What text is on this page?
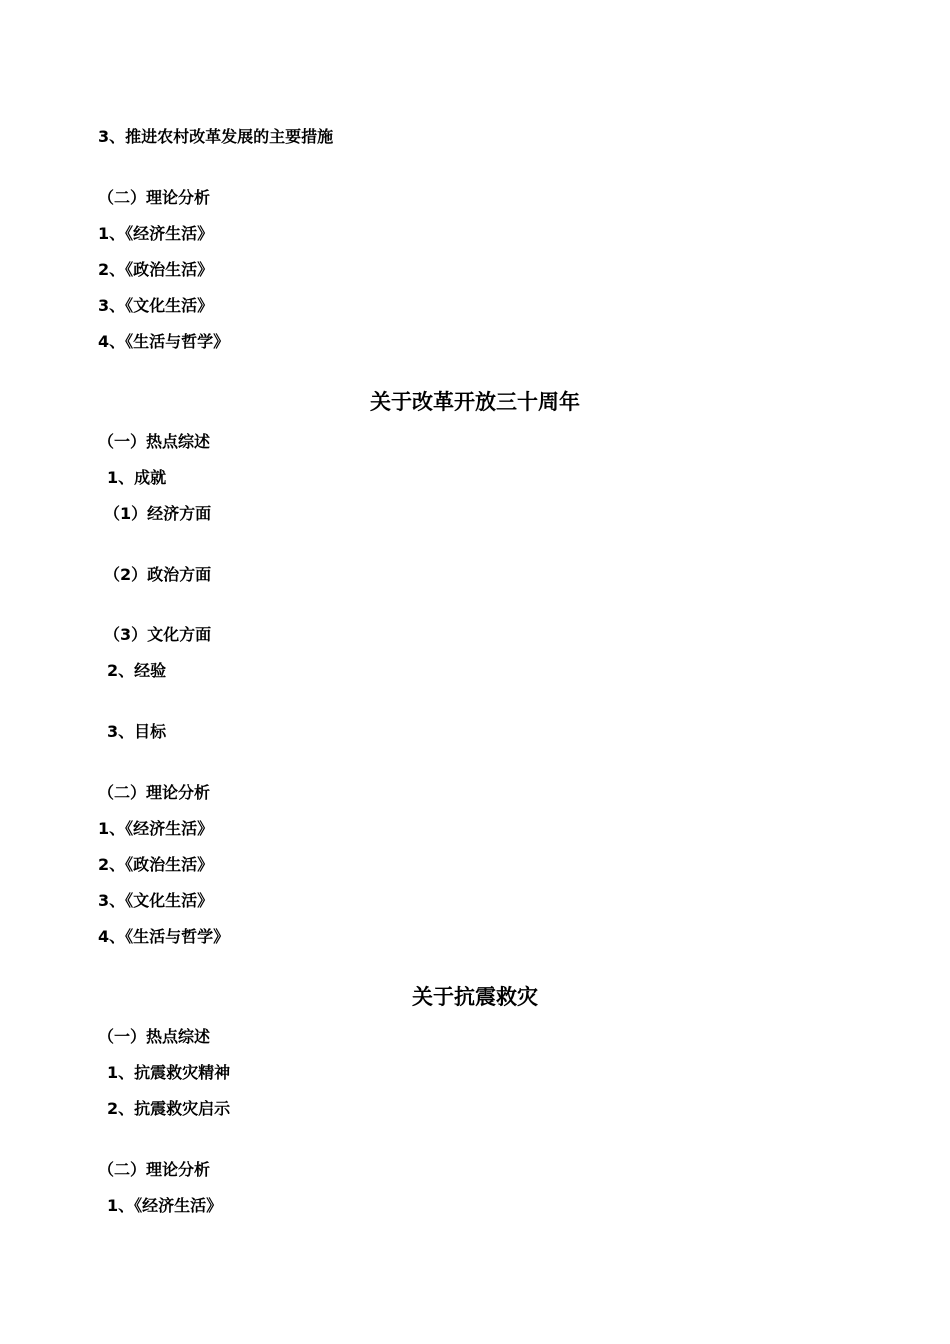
3、推进农村改革发展的主要措施
（二）理论分析
1、《经济生活》
2、《政治生活》
3、《文化生活》
4、《生活与哲学》
关于改革开放三十周年
（一）热点综述
1、成就
（1）经济方面
（2）政治方面
（3）文化方面
2、经验
3、目标
（二）理论分析
1、《经济生活》
2、《政治生活》
3、《文化生活》
4、《生活与哲学》
关于抗震救灾
（一）热点综述
1、抗震救灾精神
2、抗震救灾启示
（二）理论分析
1、《经济生活》
